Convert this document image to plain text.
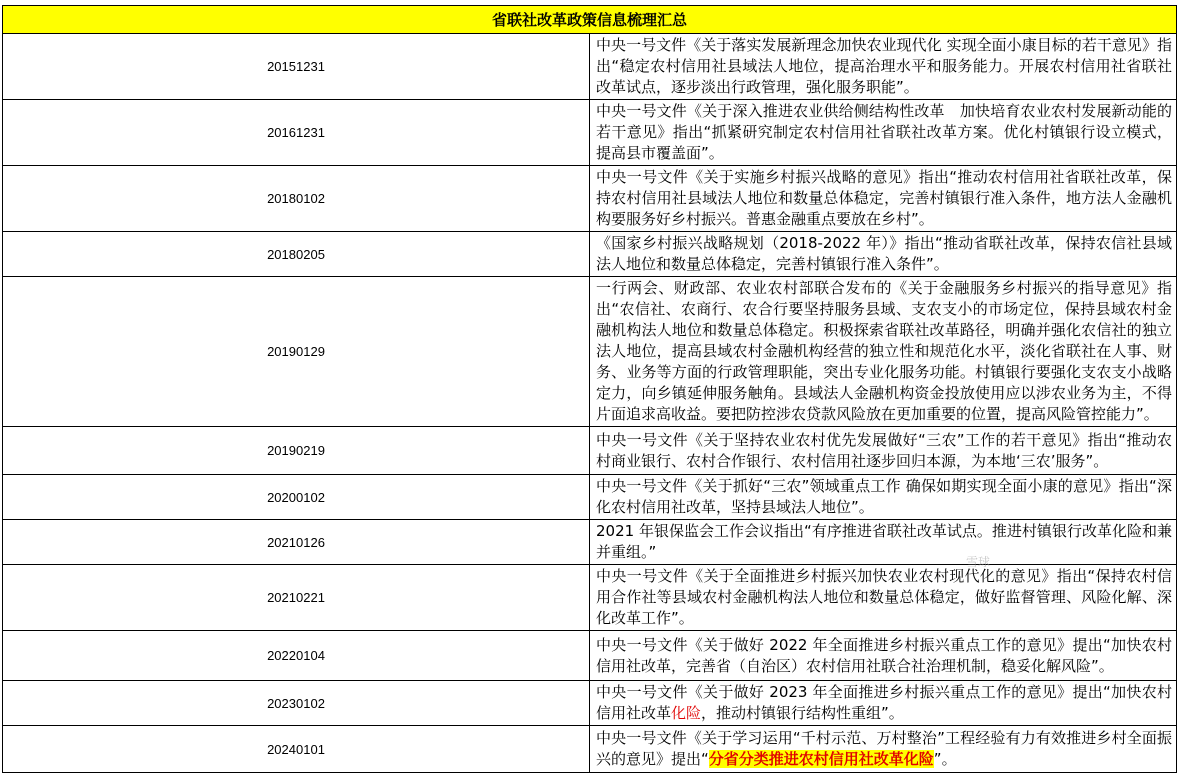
省联社改革政策信息梳理汇总	
20151231	中央一号文件《关于落实发展新理念加快农业现代化 实现全面小康目标的若干意见》指出“稳定农村信用社县域法人地位，提高治理水平和服务能力。开展农村信用社省联社改革试点，逐步淡出行政管理，强化服务职能”。
20161231	中央一号文件《关于深入推进农业供给侧结构性改革　加快培育农业农村发展新动能的若干意见》指出“抓紧研究制定农村信用社省联社改革方案。优化村镇银行设立模式，提高县市覆盖面”。
20180102	中央一号文件《关于实施乡村振兴战略的意见》指出“推动农村信用社省联社改革，保持农村信用社县域法人地位和数量总体稳定，完善村镇银行准入条件，地方法人金融机构要服务好乡村振兴。普惠金融重点要放在乡村”。
20180205	《国家乡村振兴战略规划（2018-2022 年）》指出“推动省联社改革，保持农信社县域法人地位和数量总体稳定，完善村镇银行准入条件”。
20190129	一行两会、财政部、农业农村部联合发布的《关于金融服务乡村振兴的指导意见》指出“农信社、农商行、农合行要坚持服务县域、支农支小的市场定位，保持县域农村金融机构法人地位和数量总体稳定。积极探索省联社改革路径，明确并强化农信社的独立法人地位，提高县域农村金融机构经营的独立性和规范化水平，淡化省联社在人事、财务、业务等方面的行政管理职能，突出专业化服务功能。村镇银行要强化支农支小战略定力，向乡镇延伸服务触角。县域法人金融机构资金投放使用应以涉农业务为主，不得片面追求高收益。要把防控涉农贷款风险放在更加重要的位置，提高风险管控能力”。
20190219	中央一号文件《关于坚持农业农村优先发展做好“三农”工作的若干意见》指出“推动农村商业银行、农村合作银行、农村信用社逐步回归本源，为本地‘三农’服务”。
20200102	中央一号文件《关于抓好“三农”领域重点工作 确保如期实现全面小康的意见》指出“深化农村信用社改革，坚持县域法人地位”。
20210126	2021 年银保监会工作会议指出“有序推进省联社改革试点。推进村镇银行改革化险和兼并重组。”
20210221	中央一号文件《关于全面推进乡村振兴加快农业农村现代化的意见》指出“保持农村信用合作社等县域农村金融机构法人地位和数量总体稳定，做好监督管理、风险化解、深化改革工作”。
20220104	中央一号文件《关于做好 2022 年全面推进乡村振兴重点工作的意见》提出“加快农村信用社改革，完善省（自治区）农村信用社联合社治理机制，稳妥化解风险”。
20230102	中央一号文件《关于做好 2023 年全面推进乡村振兴重点工作的意见》提出“加快农村信用社改革化险，推动村镇银行结构性重组”。
20240101	中央一号文件《关于学习运用“千村示范、万村整治”工程经验有力有效推进乡村全面振兴的意见》提出“分省分类推进农村信用社改革化险”。
雪球
